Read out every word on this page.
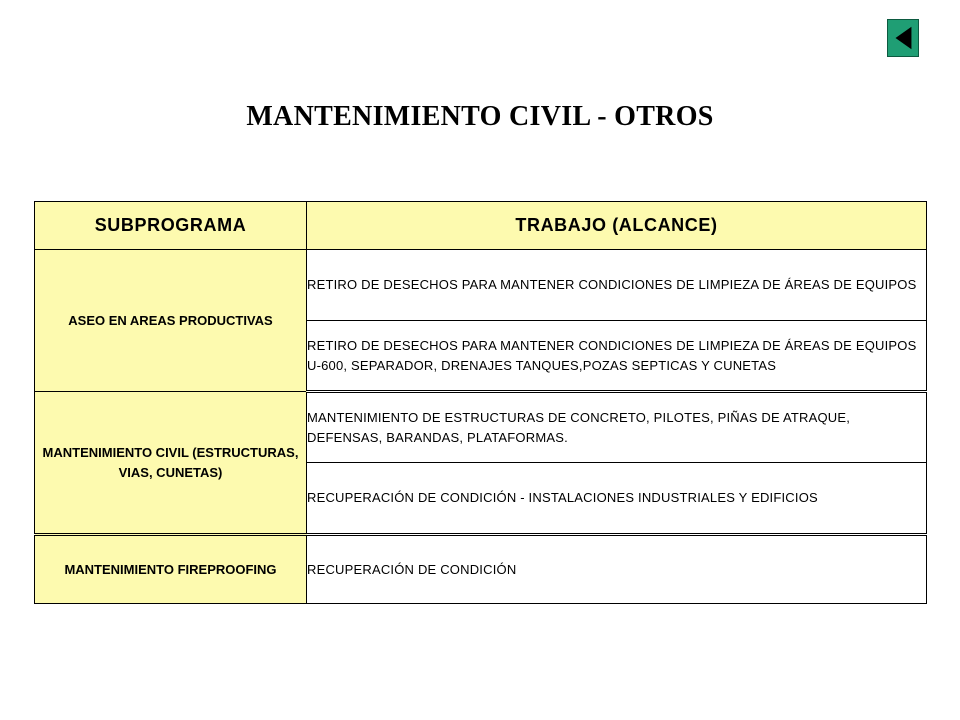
MANTENIMIENTO CIVIL - OTROS
SUBPROGRAMA	TRABAJO (ALCANCE)
ASEO EN AREAS PRODUCTIVAS	RETIRO DE DESECHOS PARA MANTENER CONDICIONES DE LIMPIEZA DE ÁREAS DE EQUIPOS
	RETIRO DE DESECHOS PARA MANTENER CONDICIONES DE LIMPIEZA DE ÁREAS DE EQUIPOS U-600, SEPARADOR, DRENAJES TANQUES,POZAS SEPTICAS Y CUNETAS
MANTENIMIENTO CIVIL (ESTRUCTURAS, VIAS, CUNETAS)	MANTENIMIENTO DE ESTRUCTURAS DE CONCRETO, PILOTES, PIÑAS DE ATRAQUE, DEFENSAS, BARANDAS, PLATAFORMAS.
	RECUPERACIÓN DE CONDICIÓN - INSTALACIONES INDUSTRIALES Y EDIFICIOS
MANTENIMIENTO FIREPROOFING	RECUPERACIÓN DE CONDICIÓN
